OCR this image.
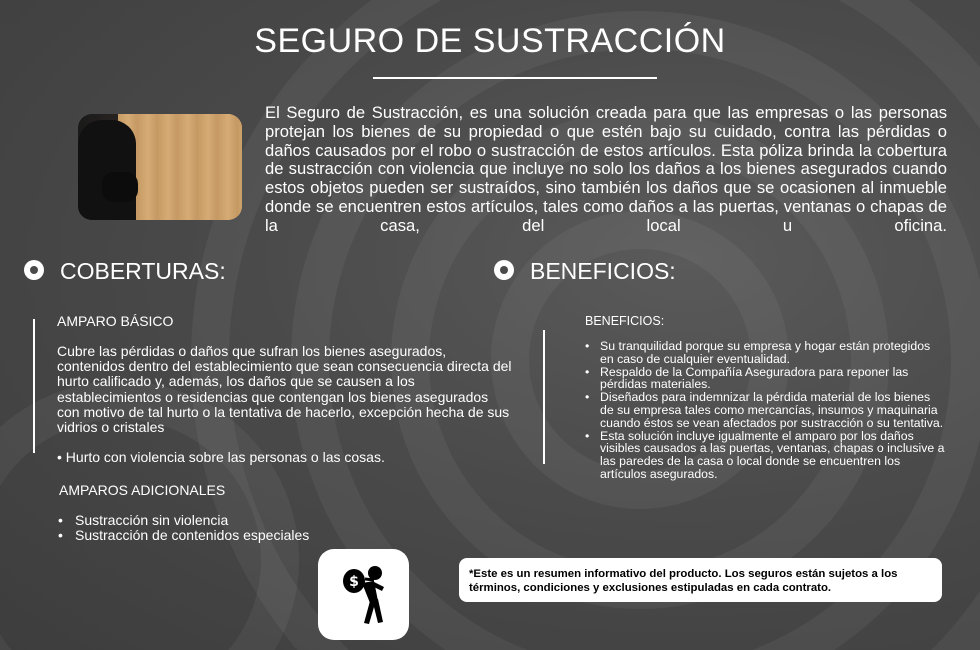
SEGURO DE SUSTRACCIÓN
El Seguro de Sustracción, es una solución creada para que las empresas o las personas protejan los bienes de su propiedad o que estén bajo su cuidado, contra las pérdidas o daños causados por el robo o sustracción de estos artículos. Esta póliza brinda la cobertura de sustracción con violencia que incluye no solo los daños a los bienes asegurados cuando estos objetos pueden ser sustraídos, sino también los daños que se ocasionen al inmueble donde se encuentren estos artículos, tales como daños a las puertas, ventanas o chapas de la casa, del local u oficina.
COBERTURAS:	BENEFICIOS:
AMPARO BÁSICO
Cubre las pérdidas o daños que sufran los bienes asegurados, contenidos dentro del establecimiento que sean consecuencia directa del hurto calificado y, además, los daños que se causen a los establecimientos o residencias que contengan los bienes asegurados con motivo de tal hurto o la tentativa de hacerlo, excepción hecha de sus vidrios o cristales
• Hurto con violencia sobre las personas o las cosas.
AMPAROS ADICIONALES
• Sustracción sin violencia
• Sustracción de contenidos especiales
BENEFICIOS:
• Su tranquilidad porque su empresa y hogar están protegidos en caso de cualquier eventualidad.
• Respaldo de la Compañía Aseguradora para reponer las pérdidas materiales.
• Diseñados para indemnizar la pérdida material de los bienes de su empresa tales como mercancías, insumos y maquinaria cuando éstos se vean afectados por sustracción o su tentativa.
• Esta solución incluye igualmente el amparo por los daños visibles causados a las puertas, ventanas, chapas o inclusive a las paredes de la casa o local donde se encuentren los artículos asegurados.
$	*Este es un resumen informativo del producto. Los seguros están sujetos a los términos, condiciones y exclusiones estipuladas en cada contrato.
